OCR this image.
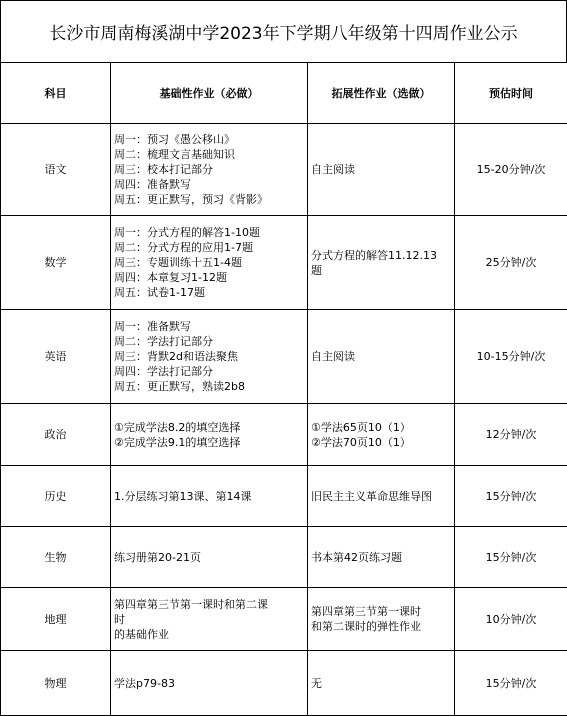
长沙市周南梅溪湖中学2023年下学期八年级第十四周作业公示
科目	基础性作业（必做）	拓展性作业（选做）	预估时间
语文	周一：预习《愚公移山》
周二：梳理文言基础知识
周三：校本打记部分
周四：准备默写
周五：更正默写，预习《背影》	自主阅读	15-20分钟/次
数学	周一：分式方程的解答1-10题
周二：分式方程的应用1-7题
周三：专题训练十五1-4题
周四：本章复习1-12题
周五：试卷1-17题	分式方程的解答11.12.13
题	25分钟/次
英语	周一：准备默写
周二：学法打记部分
周三：背默2d和语法聚焦
周四：学法打记部分
周五：更正默写，熟读2b8	自主阅读	10-15分钟/次
政治	①完成学法8.2的填空选择
②完成学法9.1的填空选择	①学法65页10（1）
②学法70页10（1）	12分钟/次
历史	1.分层练习第13课、第14课	旧民主主义革命思维导图	15分钟/次
生物	练习册第20-21页	书本第42页练习题	15分钟/次
地理	第四章第三节第一课时和第二课
时
的基础作业	第四章第三节第一课时
和第二课时的弹性作业	10分钟/次
物理	学法p79-83	无	15分钟/次
